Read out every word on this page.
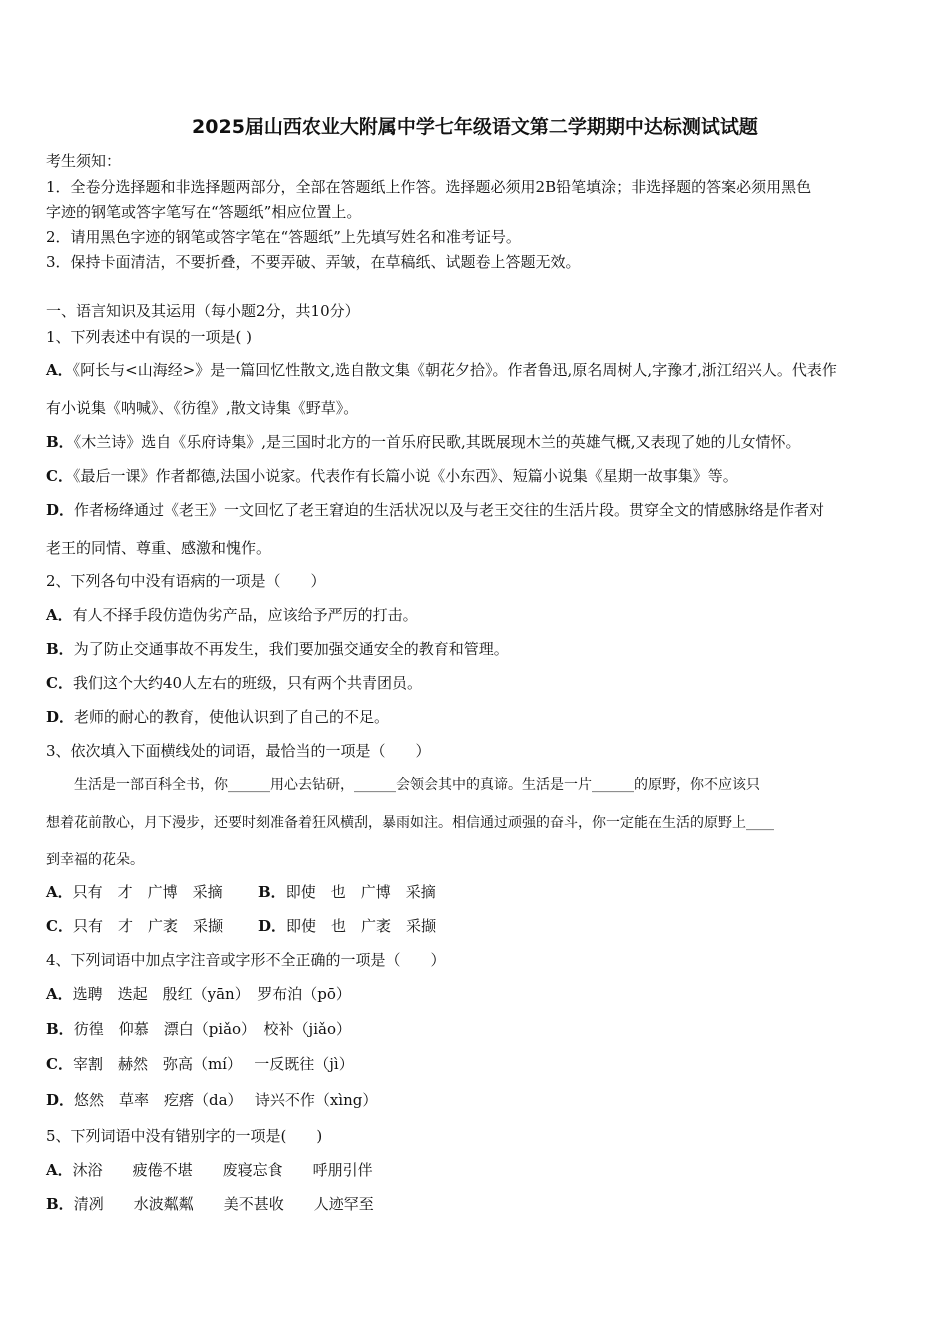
2025届山西农业大附属中学七年级语文第二学期期中达标测试试题
考生须知：
1．全卷分选择题和非选择题两部分，全部在答题纸上作答。选择题必须用2B铅笔填涂；非选择题的答案必须用黑色
字迹的钢笔或答字笔写在“答题纸”相应位置上。
2．请用黑色字迹的钢笔或答字笔在“答题纸”上先填写姓名和准考证号。
3．保持卡面清洁，不要折叠，不要弄破、弄皱，在草稿纸、试题卷上答题无效。
一、语言知识及其运用（每小题2分，共10分）
1、下列表述中有误的一项是( )
A．《阿长与<山海经>》是一篇回忆性散文,选自散文集《朝花夕拾》。作者鲁迅,原名周树人,字豫才,浙江绍兴人。代表作
有小说集《呐喊》、《彷徨》,散文诗集《野草》。
B．《木兰诗》选自《乐府诗集》,是三国时北方的一首乐府民歌,其既展现木兰的英雄气概,又表现了她的儿女情怀。
C．《最后一课》作者都德,法国小说家。代表作有长篇小说《小东西》、短篇小说集《星期一故事集》等。
D．作者杨绛通过《老王》一文回忆了老王窘迫的生活状况以及与老王交往的生活片段。贯穿全文的情感脉络是作者对
老王的同情、尊重、感激和愧作。
2、下列各句中没有语病的一项是（　　）
A．有人不择手段仿造伪劣产品，应该给予严厉的打击。
B．为了防止交通事故不再发生，我们要加强交通安全的教育和管理。
C．我们这个大约40人左右的班级，只有两个共青团员。
D．老师的耐心的教育，使他认识到了自己的不足。
3、依次填入下面横线处的词语，最恰当的一项是（　　）
　　生活是一部百科全书，你______用心去钻研，______会领会其中的真谛。生活是一片______的原野，你不应该只
想着花前散心，月下漫步，还要时刻准备着狂风横刮，暴雨如注。相信通过顽强的奋斗，你一定能在生活的原野上____
到幸福的花朵。
A．只有　才　广博　采摘 B．即使　也　广博　采摘
C．只有　才　广袤　采撷 D．即使　也　广袤　采撷
4、下列词语中加点字注音或字形不全正确的一项是（　　）
A．选聘　迭起　殷红（yān）　罗布泊（pō）
B．彷徨　仰慕　漂白（piǎo）　校补（jiǎo）
C．宰割　赫然　弥高（mí）　 一反既往（jì）
D．悠然　草率　疙瘩（da）　 诗兴不作（xìng）
5、下列词语中没有错别字的一项是(　　)
A．沐浴　　疲倦不堪　　废寝忘食　　呼朋引伴
B．清冽　　水波粼粼　　美不甚收　　人迹罕至
